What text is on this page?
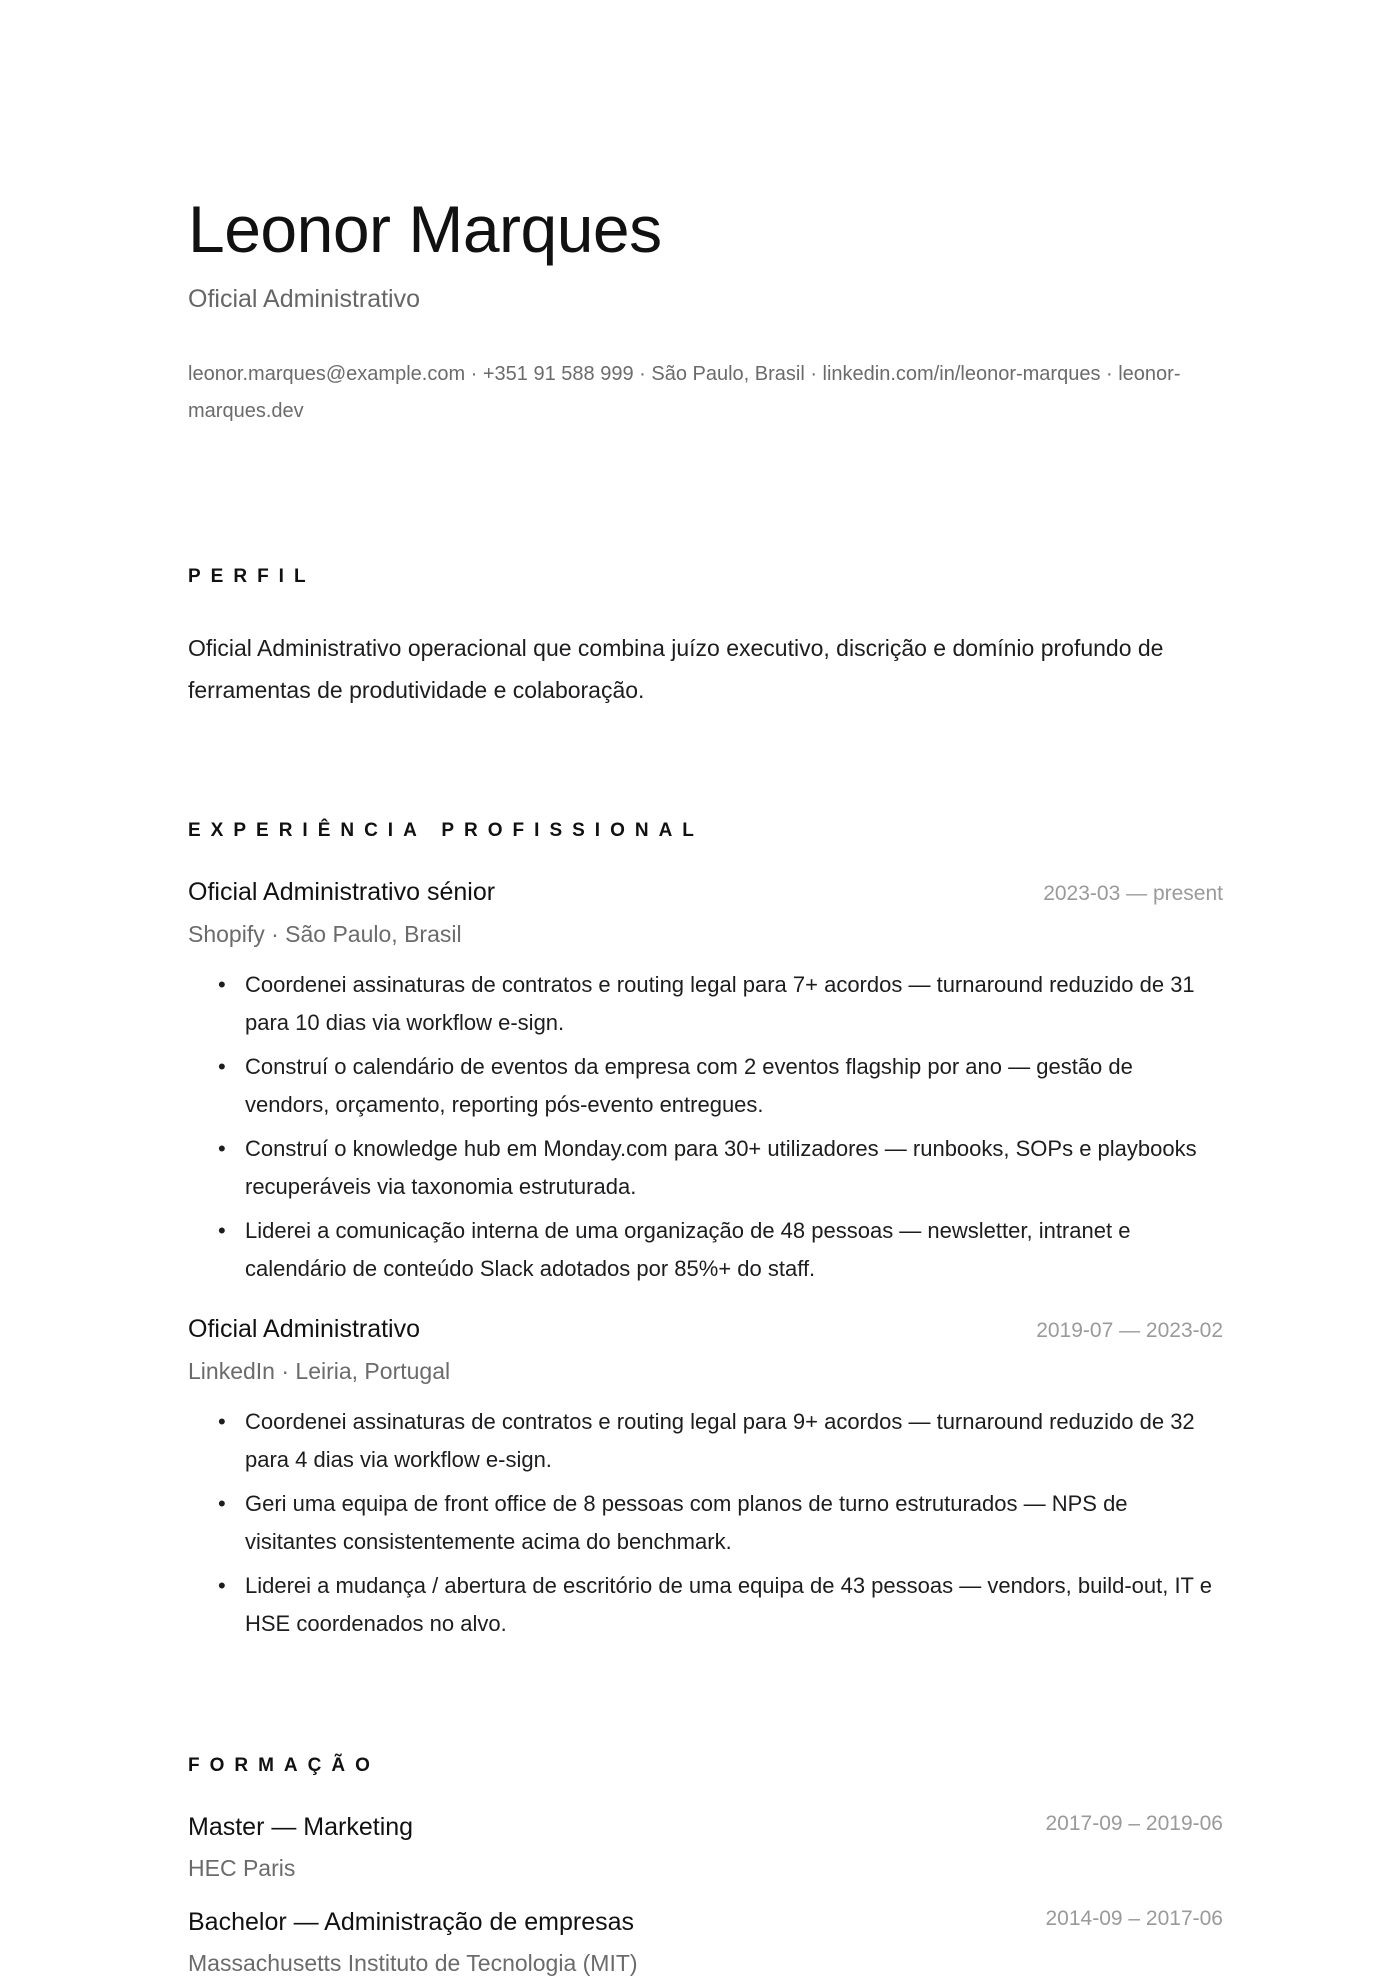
Leonor Marques
Oficial Administrativo
leonor.marques@example.com · +351 91 588 999 · São Paulo, Brasil · linkedin.com/in/leonor-marques · leonor-marques.dev
PERFIL
Oficial Administrativo operacional que combina juízo executivo, discrição e domínio profundo de ferramentas de produtividade e colaboração.
EXPERIÊNCIA PROFISSIONAL
Oficial Administrativo sénior	2023-03 — present
Shopify · São Paulo, Brasil
• Coordenei assinaturas de contratos e routing legal para 7+ acordos — turnaround reduzido de 31 para 10 dias via workflow e-sign.
• Construí o calendário de eventos da empresa com 2 eventos flagship por ano — gestão de vendors, orçamento, reporting pós-evento entregues.
• Construí o knowledge hub em Monday.com para 30+ utilizadores — runbooks, SOPs e playbooks recuperáveis via taxonomia estruturada.
• Liderei a comunicação interna de uma organização de 48 pessoas — newsletter, intranet e calendário de conteúdo Slack adotados por 85%+ do staff.
Oficial Administrativo	2019-07 — 2023-02
LinkedIn · Leiria, Portugal
• Coordenei assinaturas de contratos e routing legal para 9+ acordos — turnaround reduzido de 32 para 4 dias via workflow e-sign.
• Geri uma equipa de front office de 8 pessoas com planos de turno estruturados — NPS de visitantes consistentemente acima do benchmark.
• Liderei a mudança / abertura de escritório de uma equipa de 43 pessoas — vendors, build-out, IT e HSE coordenados no alvo.
FORMAÇÃO
Master — Marketing	2017-09 – 2019-06
HEC Paris
Bachelor — Administração de empresas	2014-09 – 2017-06
Massachusetts Instituto de Tecnologia (MIT)
